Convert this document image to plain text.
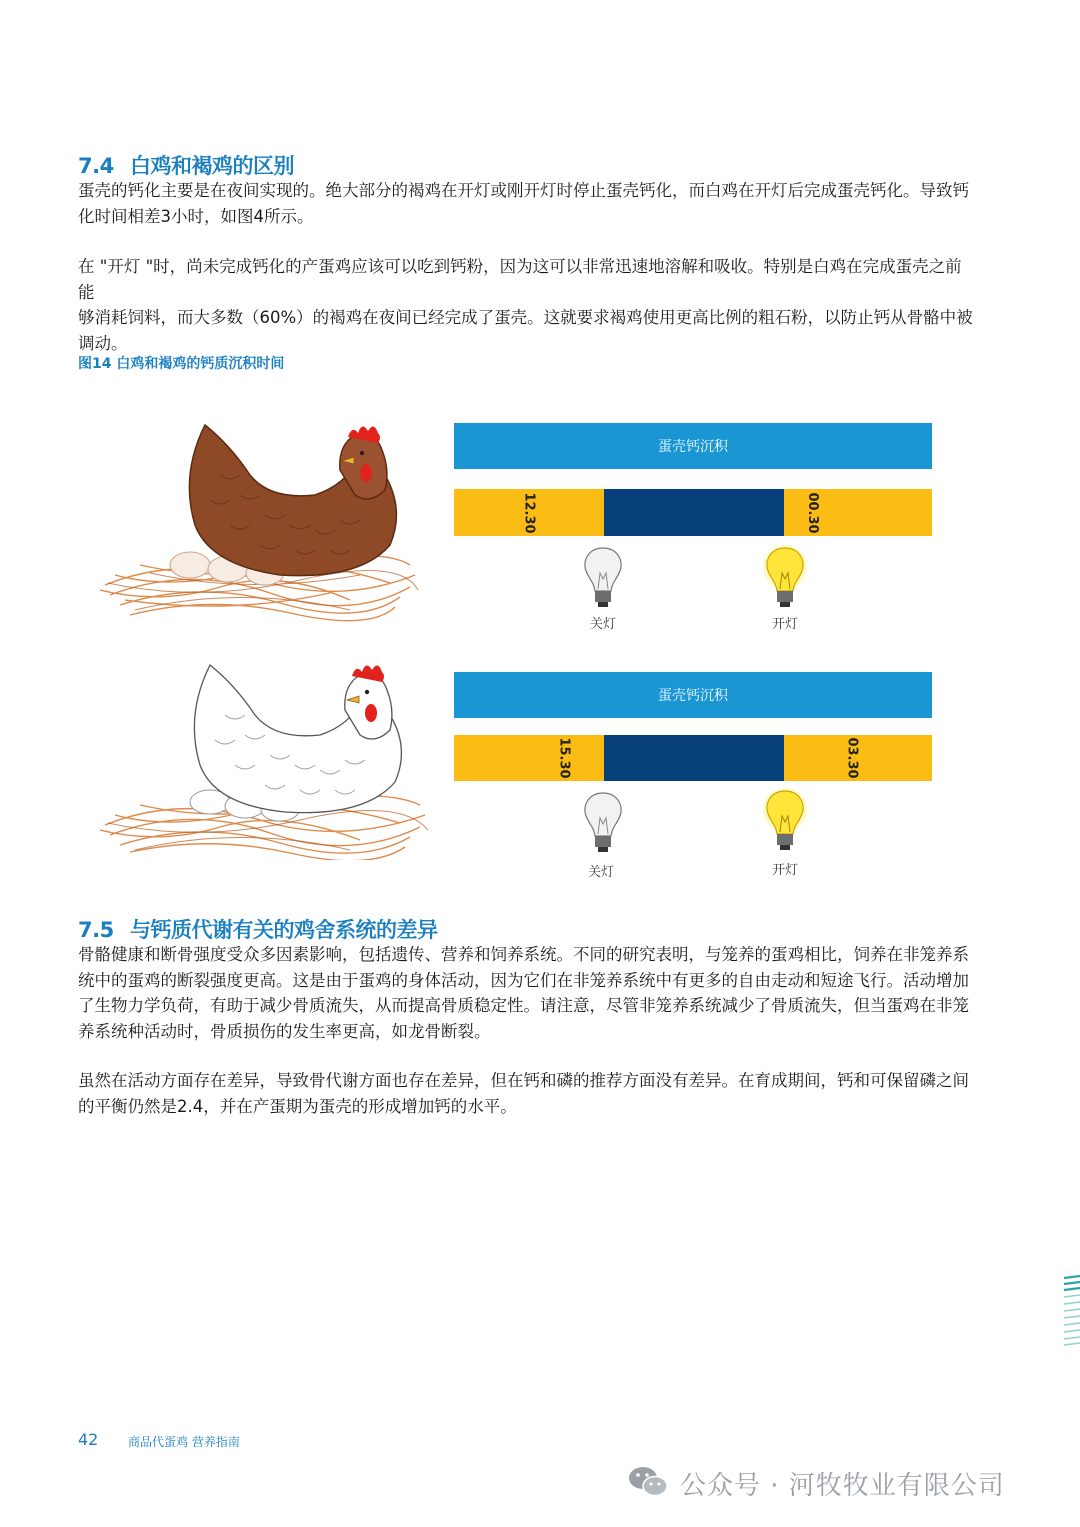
7.4 白鸡和褐鸡的区别
蛋壳的钙化主要是在夜间实现的。绝大部分的褐鸡在开灯或刚开灯时停止蛋壳钙化，而白鸡在开灯后完成蛋壳钙化。导致钙
化时间相差3小时，如图4所示。
在 "开灯 "时，尚未完成钙化的产蛋鸡应该可以吃到钙粉，因为这可以非常迅速地溶解和吸收。特别是白鸡在完成蛋壳之前能
够消耗饲料，而大多数（60%）的褐鸡在夜间已经完成了蛋壳。这就要求褐鸡使用更高比例的粗石粉，以防止钙从骨骼中被
调动。
图14 白鸡和褐鸡的钙质沉积时间
蛋壳钙沉积
12.30	00.30
关灯	开灯
蛋壳钙沉积
15.30	03.30
关灯	开灯
7.5 与钙质代谢有关的鸡舍系统的差异
骨骼健康和断骨强度受众多因素影响，包括遗传、营养和饲养系统。不同的研究表明，与笼养的蛋鸡相比，饲养在非笼养系
统中的蛋鸡的断裂强度更高。这是由于蛋鸡的身体活动，因为它们在非笼养系统中有更多的自由走动和短途飞行。活动增加
了生物力学负荷，有助于减少骨质流失，从而提高骨质稳定性。请注意，尽管非笼养系统减少了骨质流失，但当蛋鸡在非笼
养系统种活动时，骨质损伤的发生率更高，如龙骨断裂。
虽然在活动方面存在差异，导致骨代谢方面也存在差异，但在钙和磷的推荐方面没有差异。在育成期间，钙和可保留磷之间
的平衡仍然是2.4，并在产蛋期为蛋壳的形成增加钙的水平。
42 商品代蛋鸡 营养指南
公众号 · 河牧牧业有限公司
